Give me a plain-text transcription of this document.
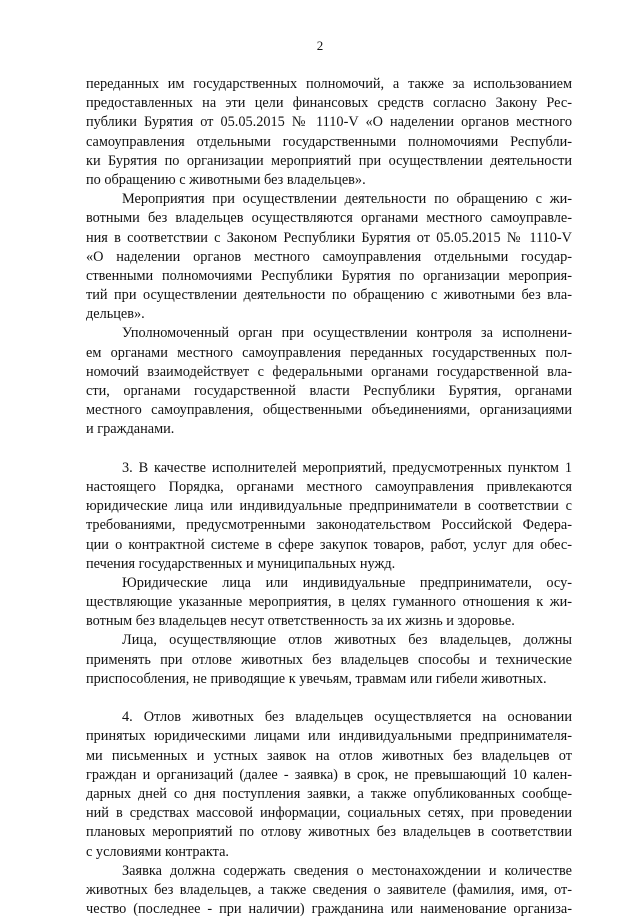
2
переданных им государственных полномочий, а также за использованием
предоставленных на эти цели финансовых средств согласно Закону Рес-
публики Бурятия от 05.05.2015 № 1110-V «О наделении органов местного
самоуправления отдельными государственными полномочиями Республи-
ки Бурятия по организации мероприятий при осуществлении деятельности
по обращению с животными без владельцев».
Мероприятия при осуществлении деятельности по обращению с жи-
вотными без владельцев осуществляются органами местного самоуправле-
ния в соответствии с Законом Республики Бурятия от 05.05.2015 № 1110-V
«О наделении органов местного самоуправления отдельными государ-
ственными полномочиями Республики Бурятия по организации мероприя-
тий при осуществлении деятельности по обращению с животными без вла-
дельцев».
Уполномоченный орган при осуществлении контроля за исполнени-
ем органами местного самоуправления переданных государственных пол-
номочий взаимодействует с федеральными органами государственной вла-
сти, органами государственной власти Республики Бурятия, органами
местного самоуправления, общественными объединениями, организациями
и гражданами.
3. В качестве исполнителей мероприятий, предусмотренных пунктом 1
настоящего Порядка, органами местного самоуправления привлекаются
юридические лица или индивидуальные предприниматели в соответствии с
требованиями, предусмотренными законодательством Российской Федера-
ции о контрактной системе в сфере закупок товаров, работ, услуг для обес-
печения государственных и муниципальных нужд.
Юридические лица или индивидуальные предприниматели, осу-
ществляющие указанные мероприятия, в целях гуманного отношения к жи-
вотным без владельцев несут ответственность за их жизнь и здоровье.
Лица, осуществляющие отлов животных без владельцев, должны
применять при отлове животных без владельцев способы и технические
приспособления, не приводящие к увечьям, травмам или гибели животных.
4. Отлов животных без владельцев осуществляется на основании
принятых юридическими лицами или индивидуальными предпринимателя-
ми письменных и устных заявок на отлов животных без владельцев от
граждан и организаций (далее - заявка) в срок, не превышающий 10 кален-
дарных дней со дня поступления заявки, а также опубликованных сообще-
ний в средствах массовой информации, социальных сетях, при проведении
плановых мероприятий по отлову животных без владельцев в соответствии
с условиями контракта.
Заявка должна содержать сведения о местонахождении и количестве
животных без владельцев, а также сведения о заявителе (фамилия, имя, от-
чество (последнее - при наличии) гражданина или наименование организа-
